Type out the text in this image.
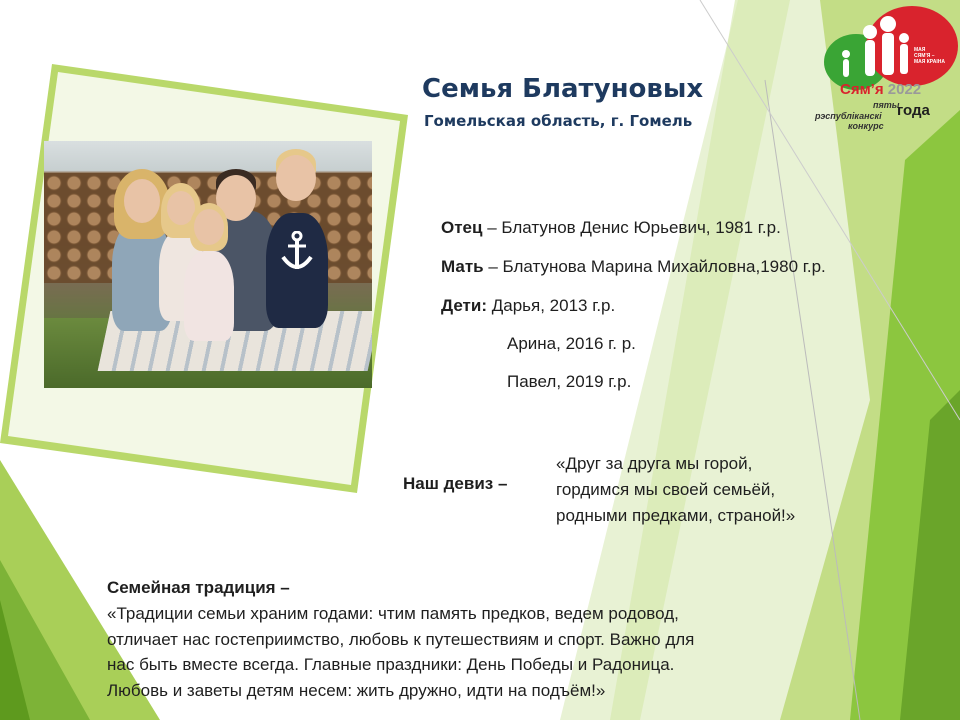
Семья Блатуновых
Гомельская область, г. Гомель
Отец – Блатунов Денис Юрьевич, 1981 г.р.
Мать – Блатунова Марина Михайловна,1980 г.р.
Дети: Дарья, 2013 г.р.
Арина, 2016 г. р.
Павел, 2019 г.р.
Наш девиз –
«Друг за друга мы горой,
гордимся мы своей семьёй,
родными предками, страной!»
Семейная традиция –
«Традиции семьи храним годами: чтим память предков, ведем родовод,
отличает нас гостеприимство, любовь к путешествиям и спорт. Важно для
нас быть вместе всегда. Главные праздники: День Победы и Радоница.
Любовь и заветы детям несем: жить дружно, идти на подъём!»
МАЯ
СЯМ’Я –
МАЯ КРАІНА
Сям’я 2022
пяты
рэспубліканскі
конкурс
года
